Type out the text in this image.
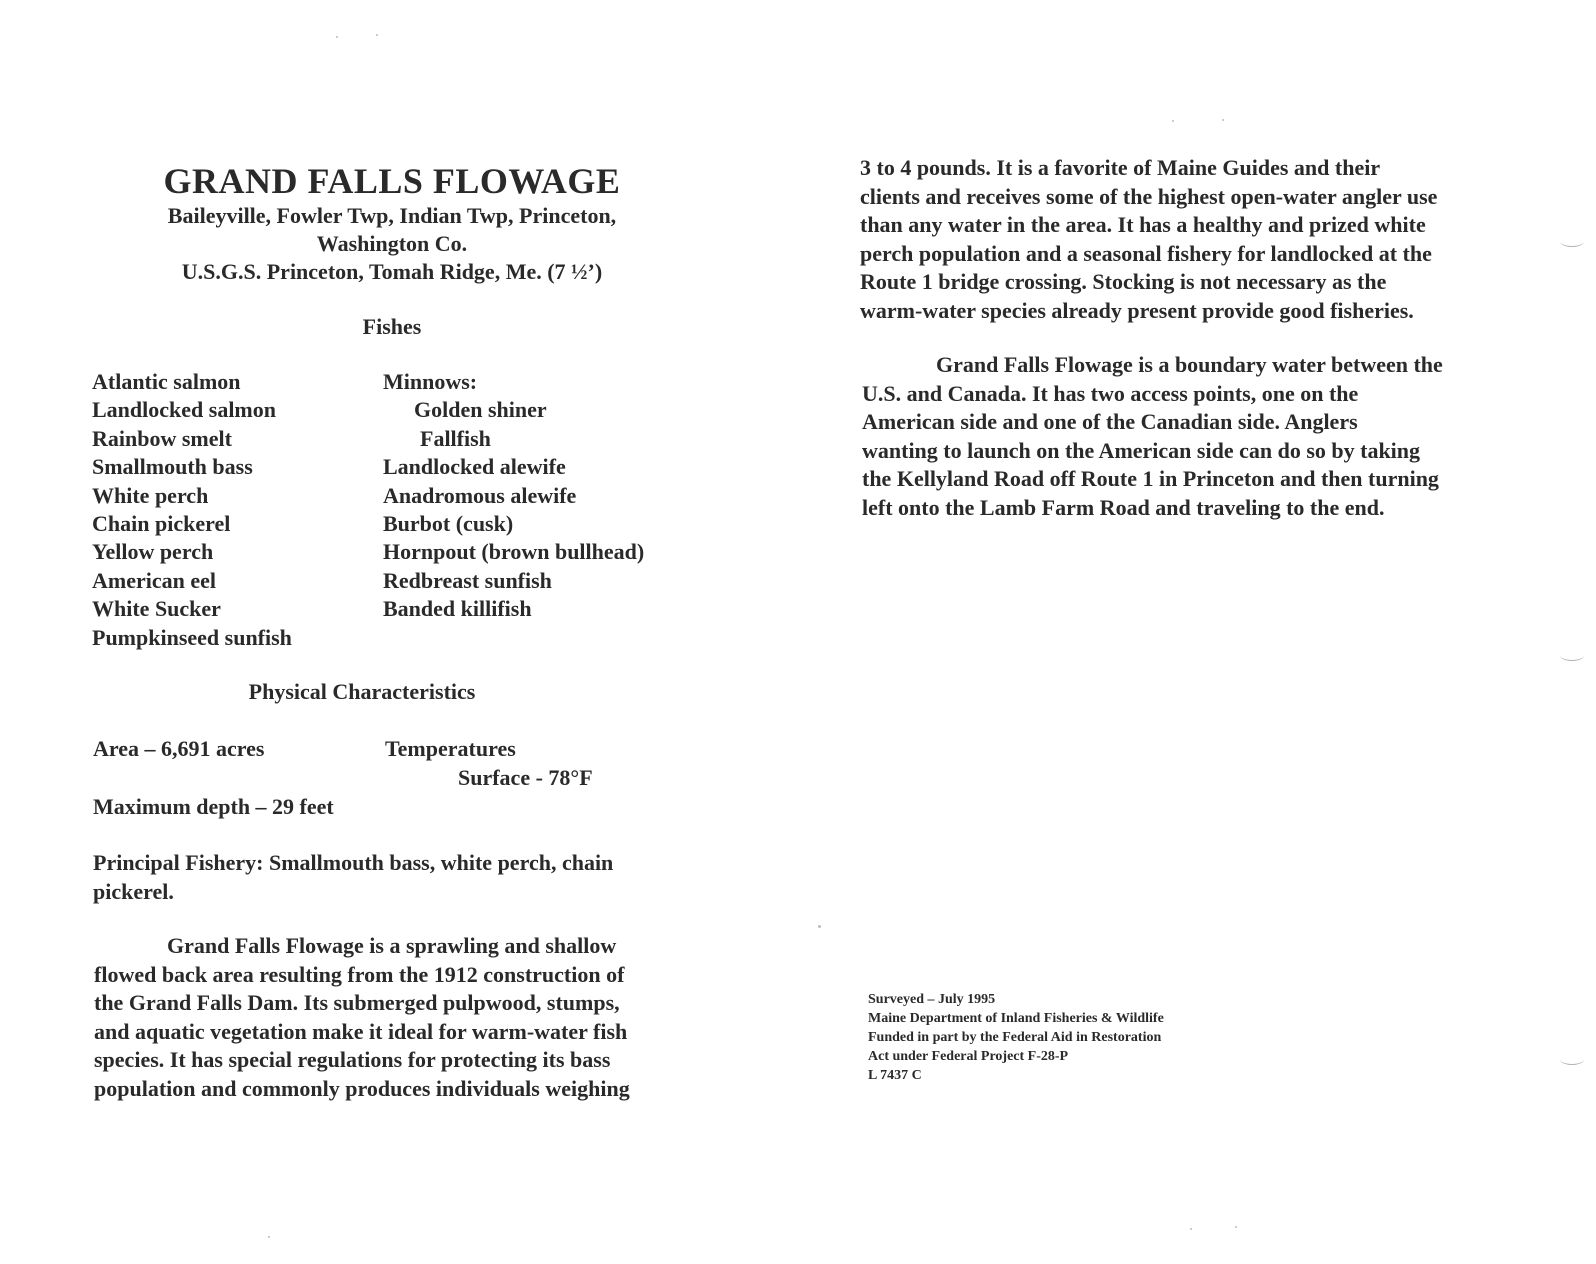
GRAND FALLS FLOWAGE
Baileyville, Fowler Twp, Indian Twp, Princeton,
Washington Co.
U.S.G.S. Princeton, Tomah Ridge, Me. (7 ½’)
Fishes
Atlantic salmon
Landlocked salmon
Rainbow smelt
Smallmouth bass
White perch
Chain pickerel
Yellow perch
American eel
White Sucker
Pumpkinseed sunfish
Minnows:
Golden shiner
Fallfish
Landlocked alewife
Anadromous alewife
Burbot (cusk)
Hornpout (brown bullhead)
Redbreast sunfish
Banded killifish
Physical Characteristics
Area – 6,691 acres	Temperatures
Surface - 78°F
Maximum depth – 29 feet
Principal Fishery: Smallmouth bass, white perch, chain
pickerel.
Grand Falls Flowage is a sprawling and shallow
flowed back area resulting from the 1912 construction of
the Grand Falls Dam. Its submerged pulpwood, stumps,
and aquatic vegetation make it ideal for warm-water fish
species. It has special regulations for protecting its bass
population and commonly produces individuals weighing
3 to 4 pounds. It is a favorite of Maine Guides and their
clients and receives some of the highest open-water angler use
than any water in the area. It has a healthy and prized white
perch population and a seasonal fishery for landlocked at the
Route 1 bridge crossing. Stocking is not necessary as the
warm-water species already present provide good fisheries.
Grand Falls Flowage is a boundary water between the
U.S. and Canada. It has two access points, one on the
American side and one of the Canadian side. Anglers
wanting to launch on the American side can do so by taking
the Kellyland Road off Route 1 in Princeton and then turning
left onto the Lamb Farm Road and traveling to the end.
Surveyed – July 1995
Maine Department of Inland Fisheries & Wildlife
Funded in part by the Federal Aid in Restoration
Act under Federal Project F-28-P
L 7437 C
